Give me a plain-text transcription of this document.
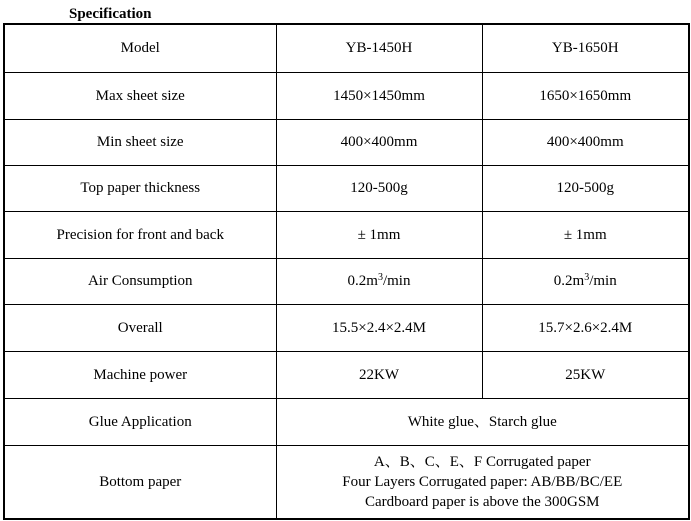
Specification
Model	YB-1450H	YB-1650H
Max sheet size	1450×1450mm	1650×1650mm
Min sheet size	400×400mm	400×400mm
Top paper thickness	120-500g	120-500g
Precision for front and back	± 1mm	± 1mm
Air Consumption	$0.2m^3/\min$	$0.2m^3/\min$
Overall	15.5×2.4×2.4M	15.7×2.6×2.4M
Machine power	22KW	25KW
Glue Application	White glue、Starch glue	
Bottom paper	A、B、C、E、F Corrugated paper
Four Layers Corrugated paper: AB/BB/BC/EE
Cardboard paper is above the 300GSM	
